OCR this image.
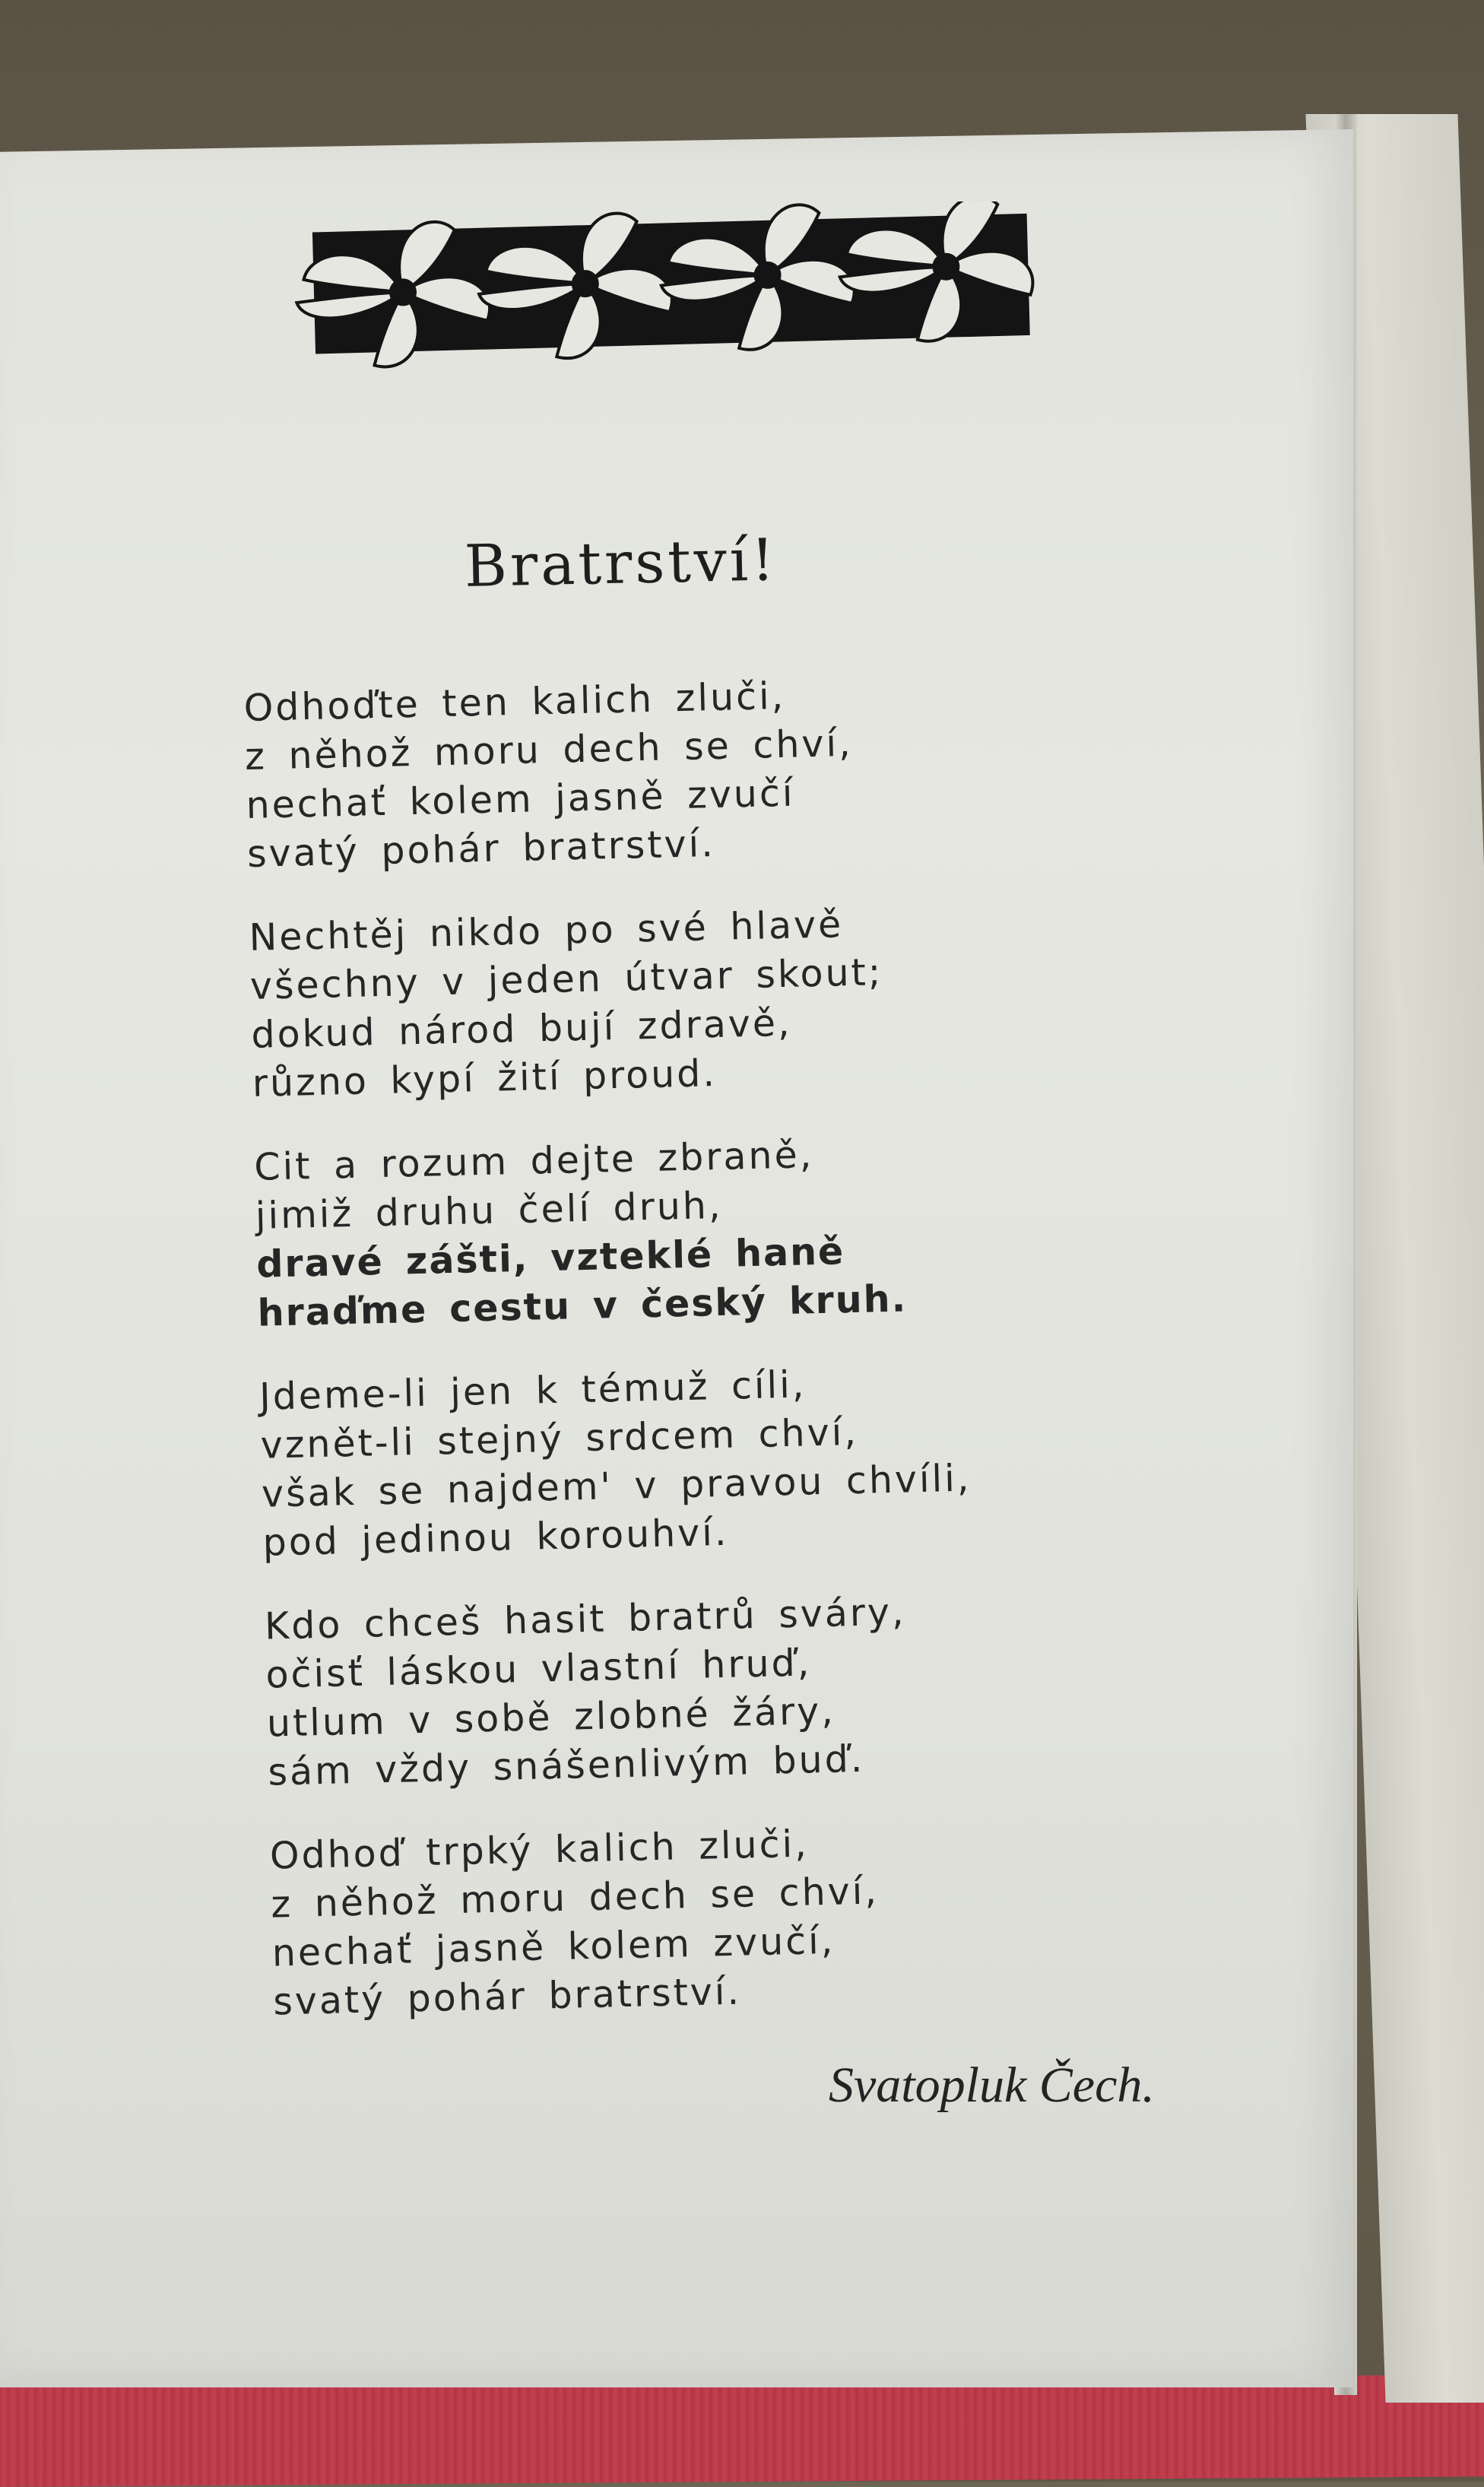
Bratrství!
Odhoďte ten kalich zluči,
z něhož moru dech se chví,
nechať kolem jasně zvučí
svatý pohár bratrství.
Nechtěj nikdo po své hlavě
všechny v jeden útvar skout;
dokud národ bují zdravě,
různo kypí žití proud.
Cit a rozum dejte zbraně,
jimiž druhu čelí druh,
dravé zášti, vzteklé haně
hraďme cestu v český kruh.
Jdeme-li jen k témuž cíli,
vznět-li stejný srdcem chví,
však se najdem' v pravou chvíli,
pod jedinou korouhví.
Kdo chceš hasit bratrů sváry,
očisť láskou vlastní hruď,
utlum v sobě zlobné žáry,
sám vždy snášenlivým buď.
Odhoď trpký kalich zluči,
z něhož moru dech se chví,
nechať jasně kolem zvučí,
svatý pohár bratrství.

Svatopluk Čech.
